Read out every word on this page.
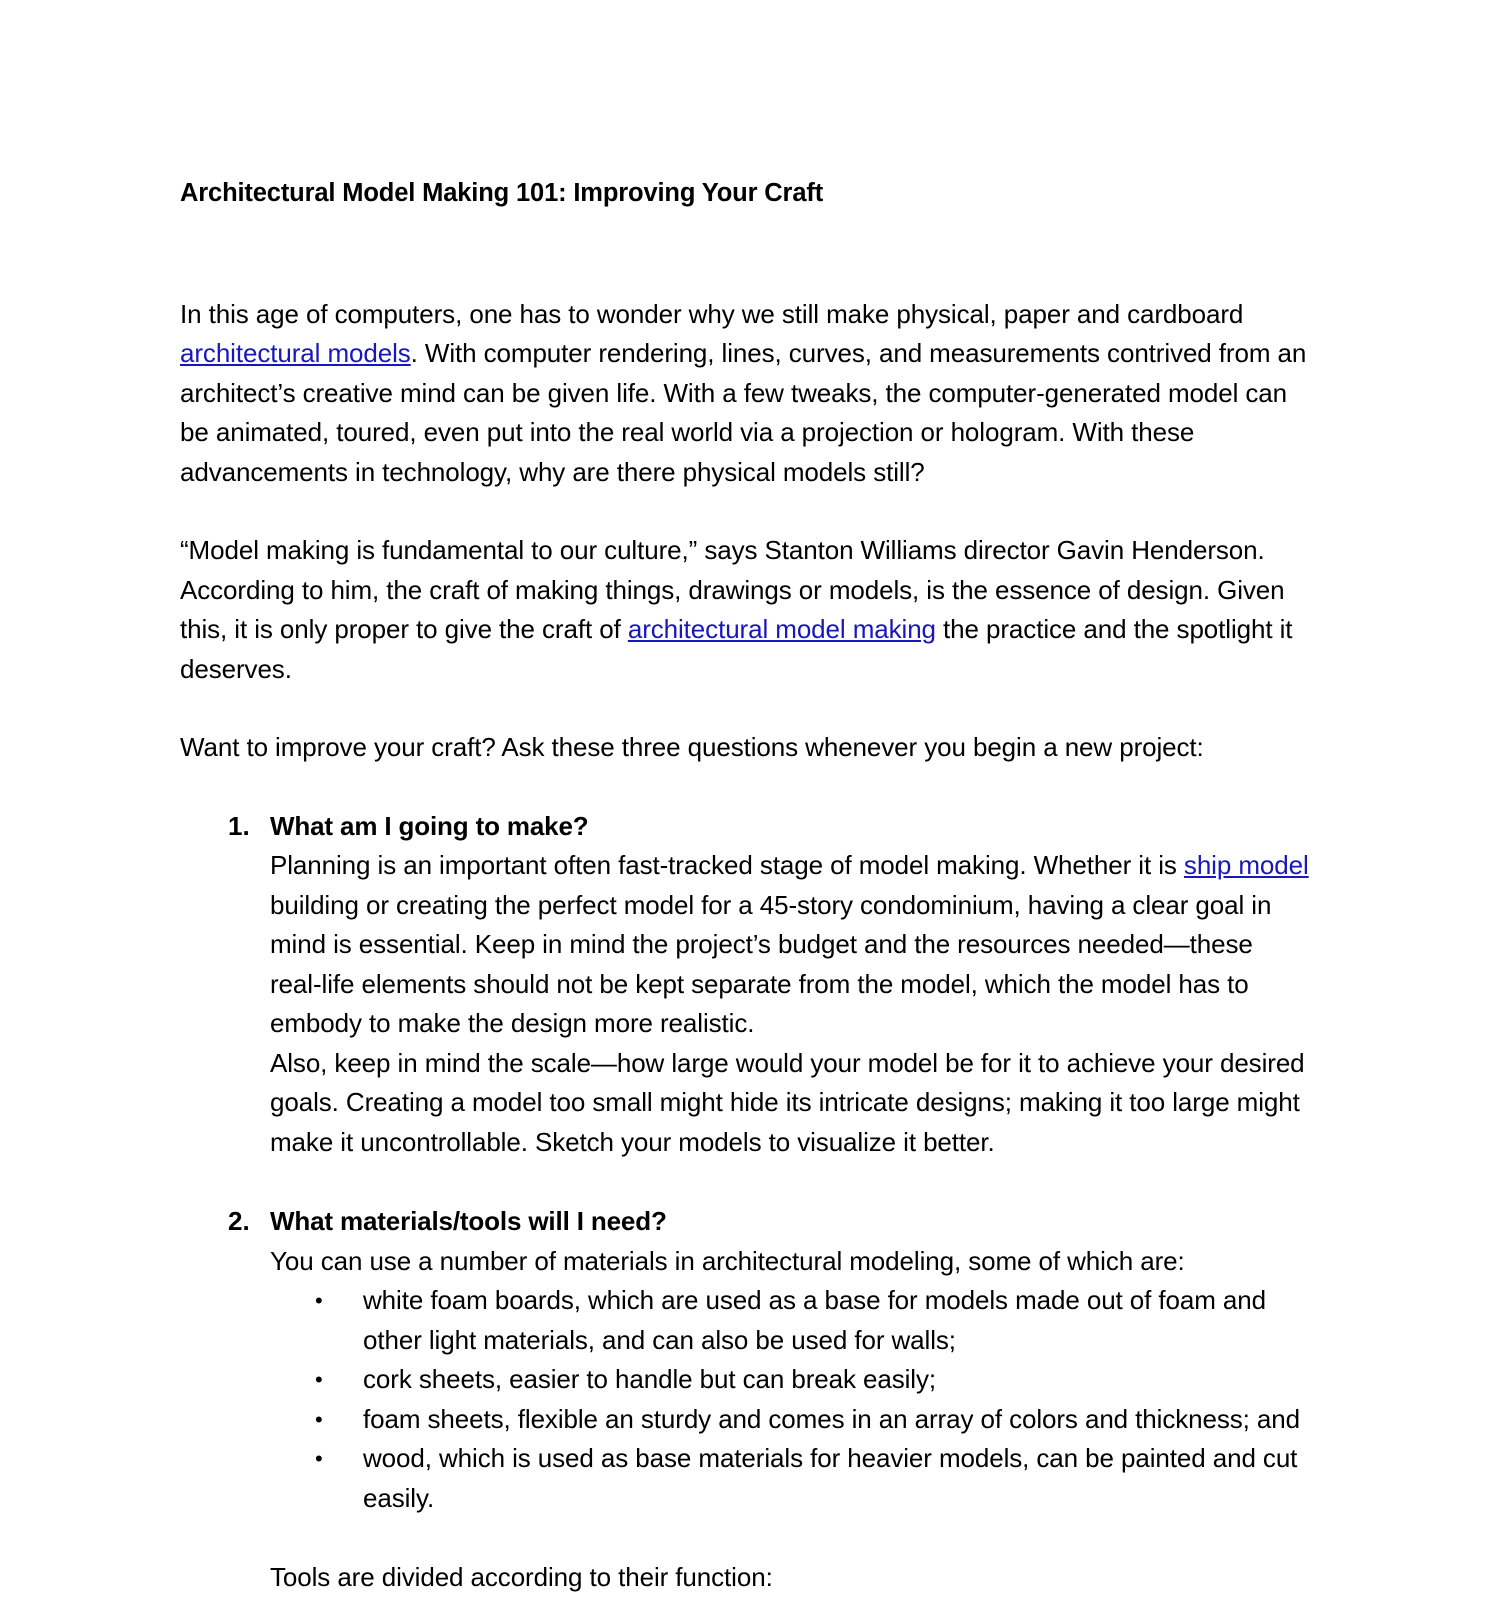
Architectural Model Making 101: Improving Your Craft

In this age of computers, one has to wonder why we still make physical, paper and cardboard architectural models. With computer rendering, lines, curves, and measurements contrived from an architect’s creative mind can be given life. With a few tweaks, the computer-generated model can be animated, toured, even put into the real world via a projection or hologram. With these advancements in technology, why are there physical models still?

“Model making is fundamental to our culture,” says Stanton Williams director Gavin Henderson. According to him, the craft of making things, drawings or models, is the essence of design. Given this, it is only proper to give the craft of architectural model making the practice and the spotlight it deserves.

Want to improve your craft? Ask these three questions whenever you begin a new project:

1. What am I going to make?
Planning is an important often fast-tracked stage of model making. Whether it is ship model building or creating the perfect model for a 45-story condominium, having a clear goal in mind is essential. Keep in mind the project’s budget and the resources needed—these real-life elements should not be kept separate from the model, which the model has to embody to make the design more realistic.
Also, keep in mind the scale—how large would your model be for it to achieve your desired goals. Creating a model too small might hide its intricate designs; making it too large might make it uncontrollable. Sketch your models to visualize it better.
2. What materials/tools will I need?
You can use a number of materials in architectural modeling, some of which are:
• white foam boards, which are used as a base for models made out of foam and other light materials, and can also be used for walls;
• cork sheets, easier to handle but can break easily;
• foam sheets, flexible an sturdy and comes in an array of colors and thickness; and
• wood, which is used as base materials for heavier models, can be painted and cut easily.
Tools are divided according to their function:
